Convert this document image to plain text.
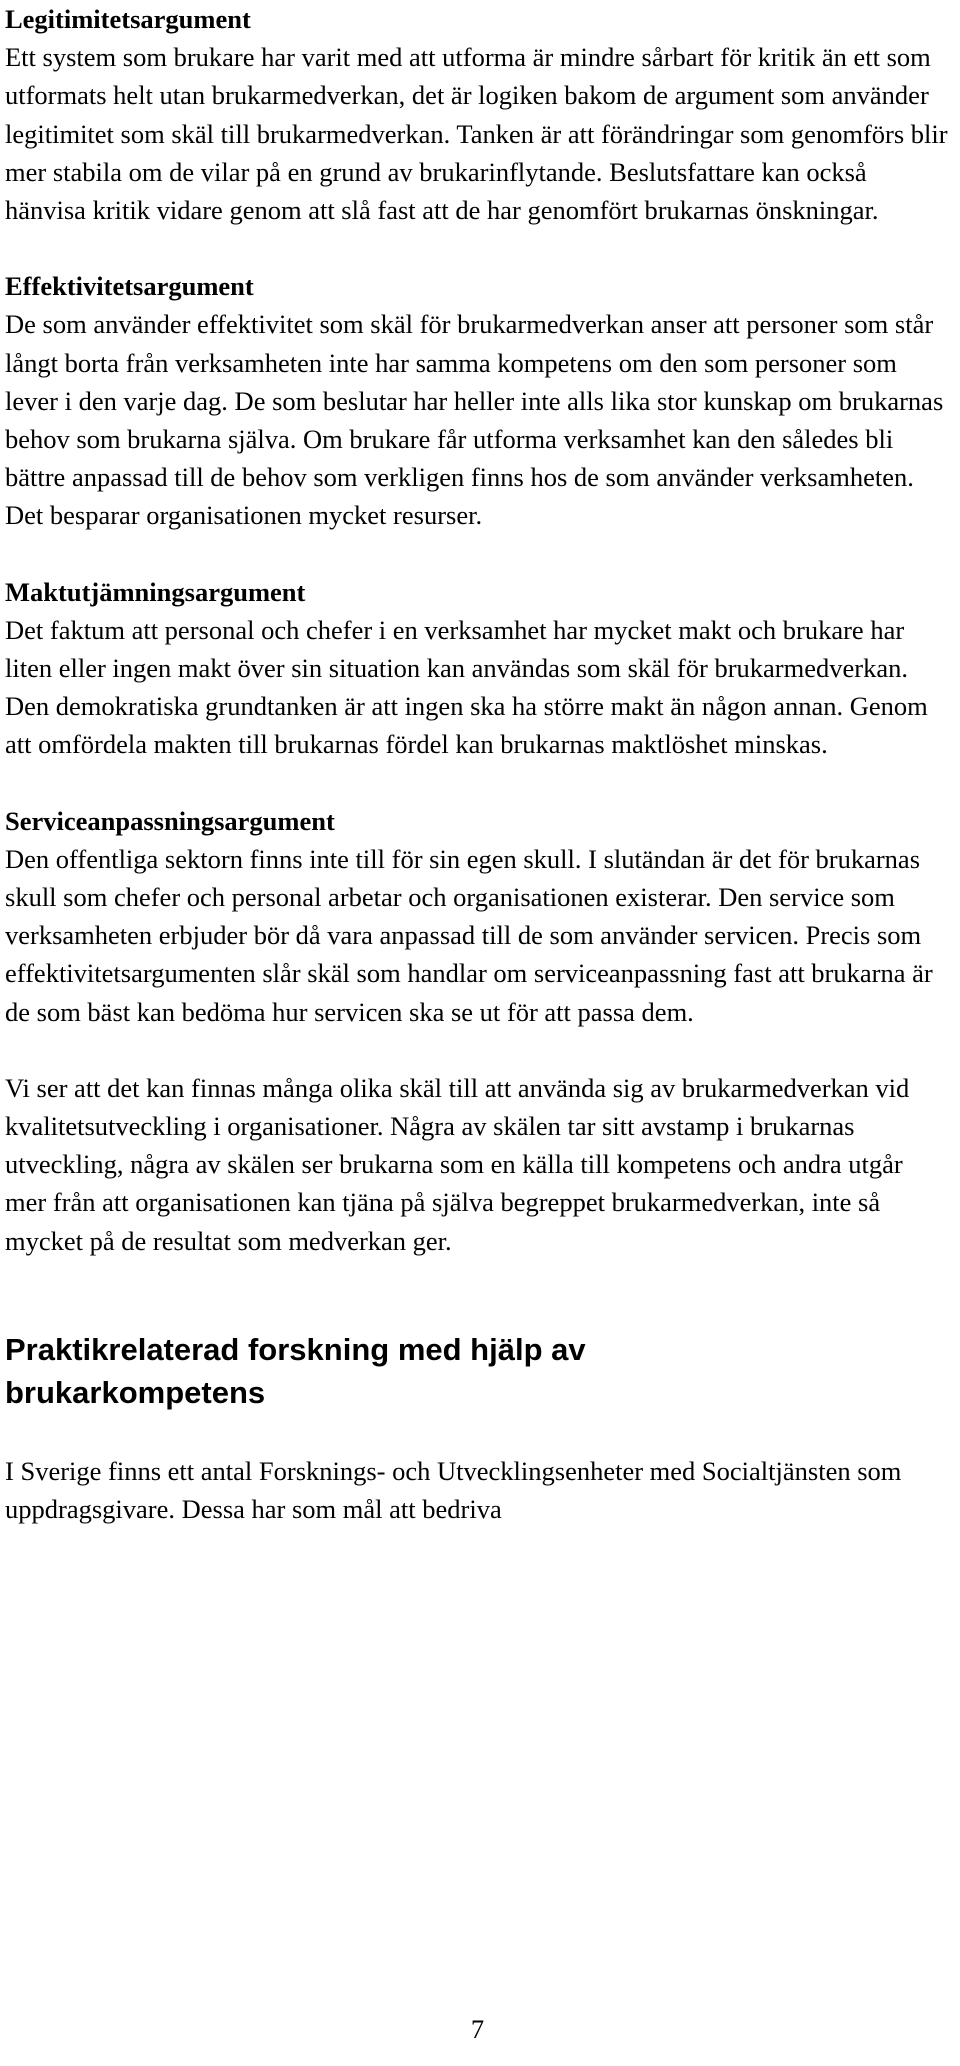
Legitimitetsargument
Ett system som brukare har varit med att utforma är mindre sårbart för kritik än ett som utformats helt utan brukarmedverkan, det är logiken bakom de argument som använder legitimitet som skäl till brukarmedverkan. Tanken är att förändringar som genomförs blir mer stabila om de vilar på en grund av brukarinflytande. Beslutsfattare kan också hänvisa kritik vidare genom att slå fast att de har genomfört brukarnas önskningar.
Effektivitetsargument
De som använder effektivitet som skäl för brukarmedverkan anser att personer som står långt borta från verksamheten inte har samma kompetens om den som personer som lever i den varje dag. De som beslutar har heller inte alls lika stor kunskap om brukarnas behov som brukarna själva. Om brukare får utforma verksamhet kan den således bli bättre anpassad till de behov som verkligen finns hos de som använder verksamheten. Det besparar organisationen mycket resurser.
Maktutjämningsargument
Det faktum att personal och chefer i en verksamhet har mycket makt och brukare har liten eller ingen makt över sin situation kan användas som skäl för brukarmedverkan. Den demokratiska grundtanken är att ingen ska ha större makt än någon annan. Genom att omfördela makten till brukarnas fördel kan brukarnas maktlöshet minskas.
Serviceanpassningsargument
Den offentliga sektorn finns inte till för sin egen skull. I slutändan är det för brukarnas skull som chefer och personal arbetar och organisationen existerar. Den service som verksamheten erbjuder bör då vara anpassad till de som använder servicen. Precis som effektivitetsargumenten slår skäl som handlar om serviceanpassning fast att brukarna är de som bäst kan bedöma hur servicen ska se ut för att passa dem.
Vi ser att det kan finnas många olika skäl till att använda sig av brukarmedverkan vid kvalitetsutveckling i organisationer. Några av skälen tar sitt avstamp i brukarnas utveckling, några av skälen ser brukarna som en källa till kompetens och andra utgår mer från att organisationen kan tjäna på själva begreppet brukarmedverkan, inte så mycket på de resultat som medverkan ger.
Praktikrelaterad forskning med hjälp av brukarkompetens
I Sverige finns ett antal Forsknings- och Utvecklingsenheter med Socialtjänsten som uppdragsgivare. Dessa har som mål att bedriva
7
